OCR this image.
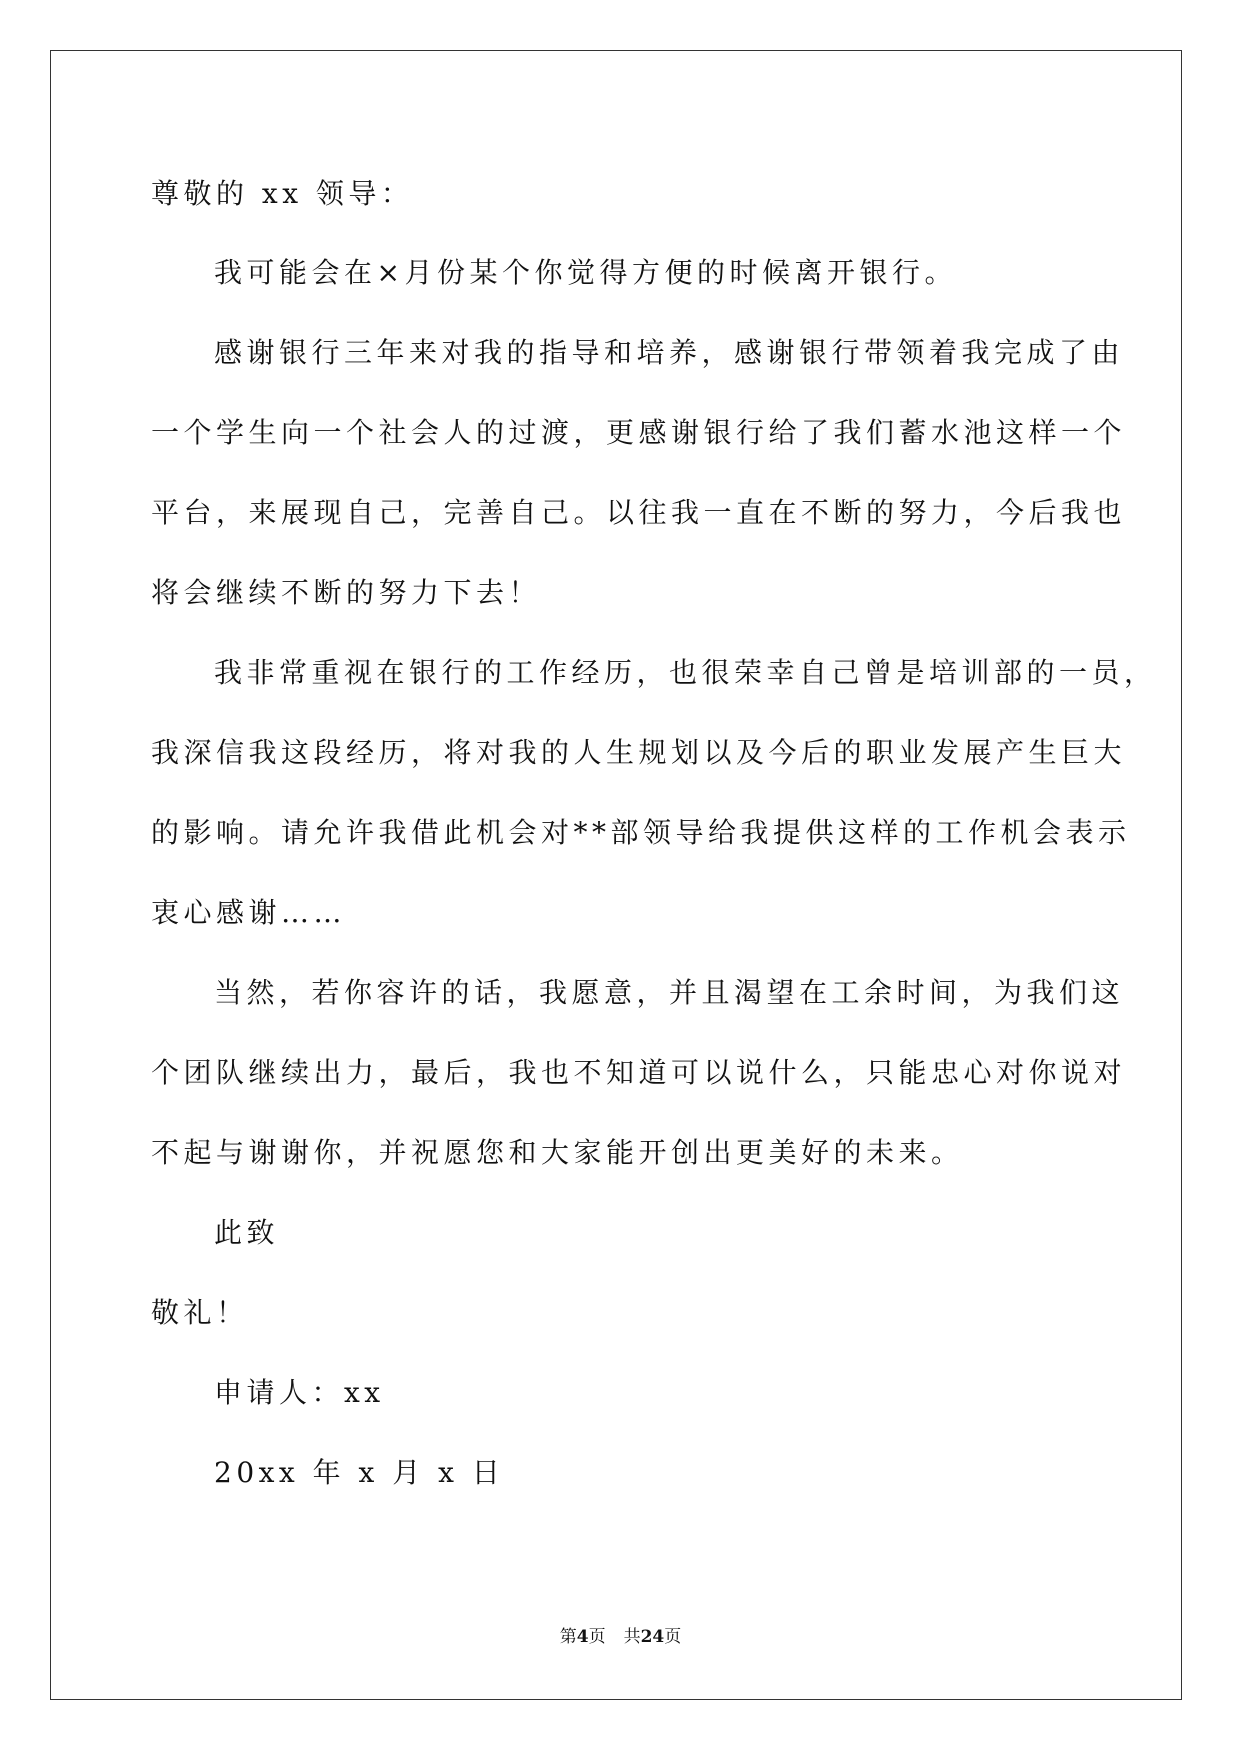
尊敬的 xx 领导：
我可能会在×月份某个你觉得方便的时候离开银行。
感谢银行三年来对我的指导和培养，感谢银行带领着我完成了由
一个学生向一个社会人的过渡，更感谢银行给了我们蓄水池这样一个
平台，来展现自己，完善自己。以往我一直在不断的努力，今后我也
将会继续不断的努力下去！
我非常重视在银行的工作经历，也很荣幸自己曾是培训部的一员，
我深信我这段经历，将对我的人生规划以及今后的职业发展产生巨大
的影响。请允许我借此机会对**部领导给我提供这样的工作机会表示
衷心感谢……
当然，若你容许的话，我愿意，并且渴望在工余时间，为我们这
个团队继续出力，最后，我也不知道可以说什么，只能忠心对你说对
不起与谢谢你，并祝愿您和大家能开创出更美好的未来。
此致
敬礼！
申请人：xx
20xx 年 x 月 x 日
第4页 共24页
